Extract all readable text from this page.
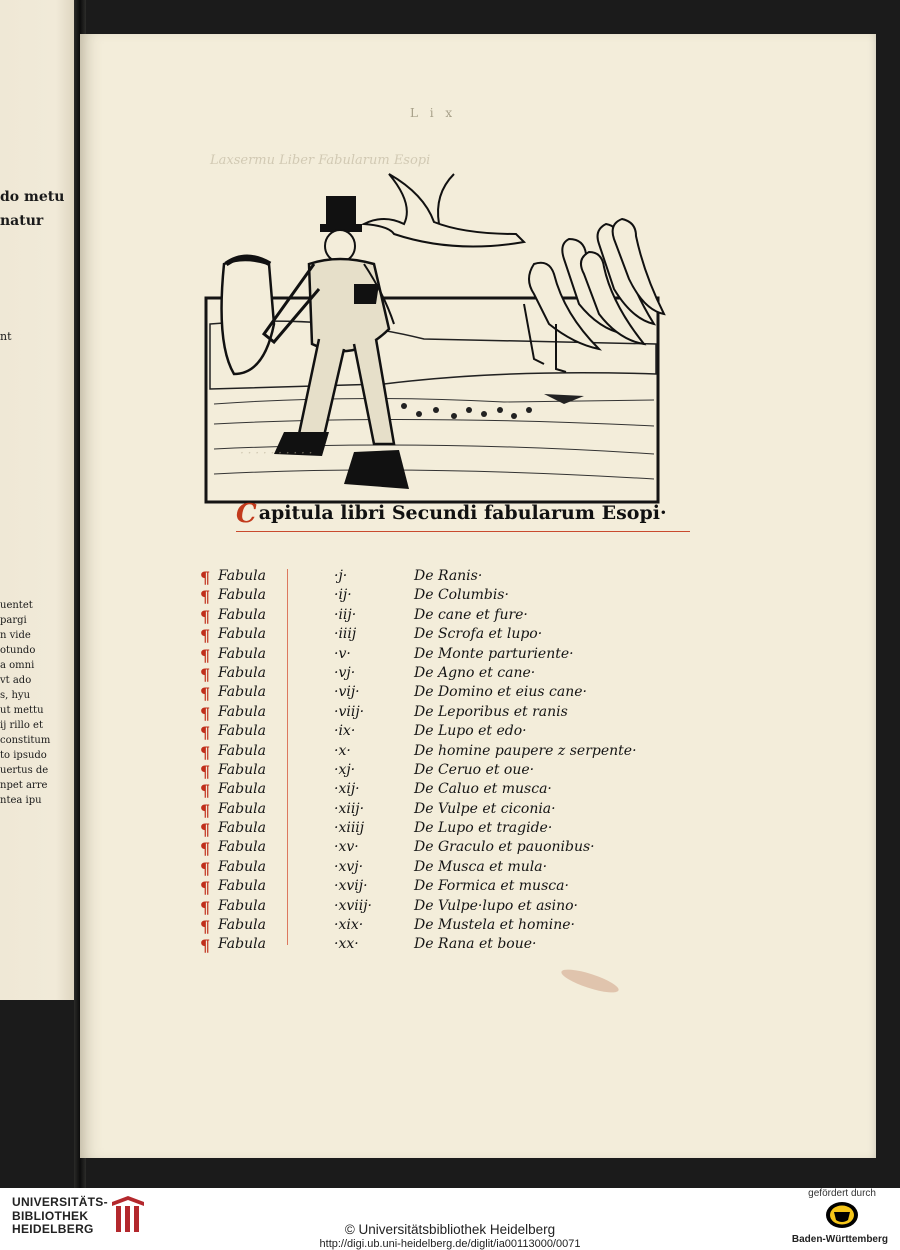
do metu
natur
nt
uentet
pargi
n vide
otundo
a omni
vt ado
s, hyu
ut mettu
ij rillo et
constitum
to ipsudo
uertus de
npet arre
ntea ipu
L i x
Laxsermu Liber Fabularum Esopi
· · · · · · · · · ·
C apitula libri Secundi fabularum Esopi·
¶ Fabula	·j·	De Ranis·
¶ Fabula	·ij·	De Columbis·
¶ Fabula	·iij·	De cane et fure·
¶ Fabula	·iiij	De Scrofa et lupo·
¶ Fabula	·v·	De Monte parturiente·
¶ Fabula	·vj·	De Agno et cane·
¶ Fabula	·vij·	De Domino et eius cane·
¶ Fabula	·viij·	De Leporibus et ranis
¶ Fabula	·ix·	De Lupo et edo·
¶ Fabula	·x·	De homine paupere z serpente·
¶ Fabula	·xj·	De Ceruo et oue·
¶ Fabula	·xij·	De Caluo et musca·
¶ Fabula	·xiij·	De Vulpe et ciconia·
¶ Fabula	·xiiij	De Lupo et tragide·
¶ Fabula	·xv·	De Graculo et pauonibus·
¶ Fabula	·xvj·	De Musca et mula·
¶ Fabula	·xvij·	De Formica et musca·
¶ Fabula	·xviij·	De Vulpe·lupo et asino·
¶ Fabula	·xix·	De Mustela et homine·
¶ Fabula	·xx·	De Rana et boue·
UNIVERSITÄTS-
BIBLIOTHEK
HEIDELBERG	© Universitätsbibliothek Heidelberg
http://digi.ub.uni-heidelberg.de/diglit/ia00113000/0071
gefördert durch
Baden-Württemberg
